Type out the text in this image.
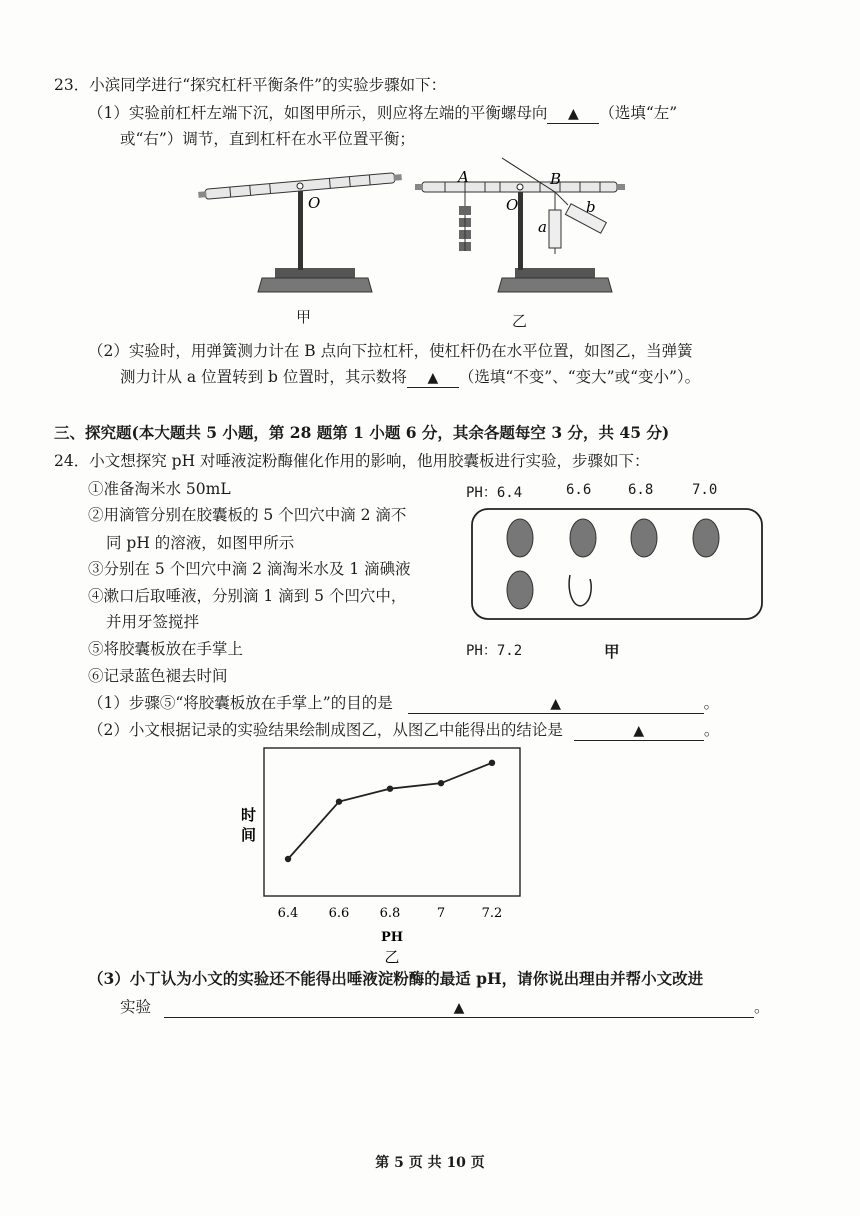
23．小滨同学进行“探究杠杆平衡条件”的实验步骤如下：
（1）实验前杠杆左端下沉，如图甲所示，则应将左端的平衡螺母向 ▲ （选填“左”
或“右”）调节，直到杠杆在水平位置平衡；
O
A
O
B
a
b
甲	乙
（2）实验时，用弹簧测力计在 B 点向下拉杠杆，使杠杆仍在水平位置，如图乙，当弹簧
测力计从 a 位置转到 b 位置时，其示数将 ▲ （选填“不变”、“变大”或“变小”）。
三、探究题(本大题共 5 小题，第 28 题第 1 小题 6 分，其余各题每空 3 分，共 45 分)
24．小文想探究 pH 对唾液淀粉酶催化作用的影响，他用胶囊板进行实验，步骤如下：
①准备淘米水 50mL
②用滴管分别在胶囊板的 5 个凹穴中滴 2 滴不
同 pH 的溶液，如图甲所示
③分别在 5 个凹穴中滴 2 滴淘米水及 1 滴碘液
④漱口后取唾液，分别滴 1 滴到 5 个凹穴中，
并用牙签搅拌
⑤将胶囊板放在手掌上
⑥记录蓝色褪去时间
PH：6.4	6.6	6.8	7.0
PH：7.2	甲
（1）步骤⑤“将胶囊板放在手掌上”的目的是	▲	。
（2）小文根据记录的实验结果绘制成图乙，从图乙中能得出的结论是	▲	。
时
间
6.4 6.6 6.8	7	7.2
PH
乙
（3）小丁认为小文的实验还不能得出唾液淀粉酶的最适 pH，请你说出理由并帮小文改进
实验	▲	。
第 5 页 共 10 页
